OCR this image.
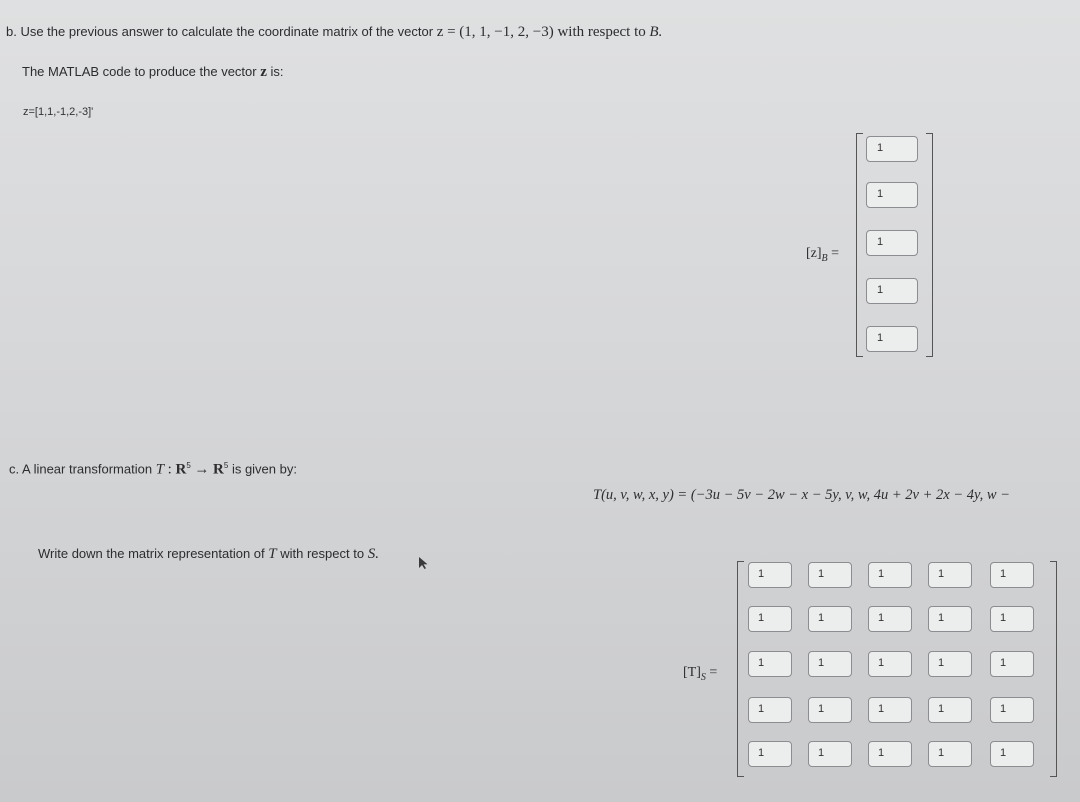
b. Use the previous answer to calculate the coordinate matrix of the vector z = (1, 1, −1, 2, −3) with respect to B.
The MATLAB code to produce the vector z is:
z=[1,1,-1,2,-3]'
$[z]_B$ =
1
1
1
1
1
c. A linear transformation T : $R^5 \to R^5$ is given by:
T(u, v, w, x, y) = (−3u − 5v − 2w − x − 5y, v, w, 4u + 2v + 2x − 4y, w −
Write down the matrix representation of T with respect to S.
$[T]_S$ =
1	1	1	1	1
1	1	1	1	1
1	1	1	1	1
1	1	1	1	1
1	1	1	1	1
